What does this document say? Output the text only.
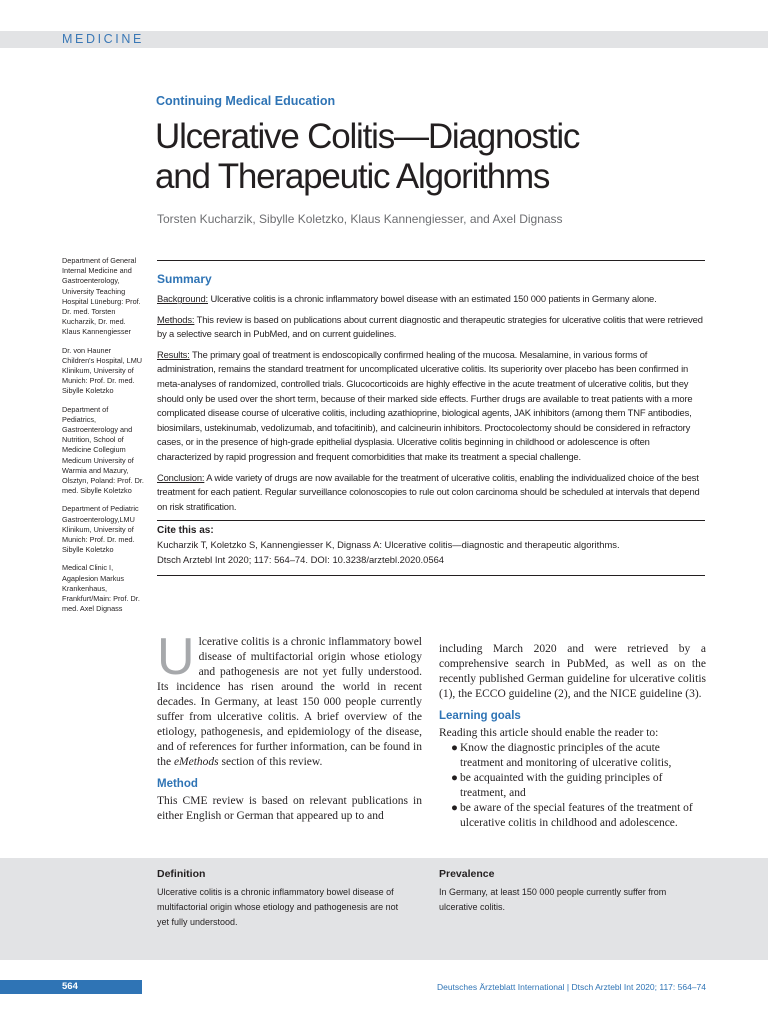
MEDICINE
Continuing Medical Education
Ulcerative Colitis—Diagnostic
and Therapeutic Algorithms
Torsten Kucharzik, Sibylle Koletzko, Klaus Kannengiesser, and Axel Dignass

Department of General Internal Medicine and Gastroenterology, University Teaching Hospital Lüneburg: Prof. Dr. med. Torsten Kucharzik, Dr. med. Klaus Kannengiesser

Dr. von Hauner Children's Hospital, LMU Klinikum, University of Munich: Prof. Dr. med. Sibylle Koletzko

Department of Pediatrics, Gastroenterology and Nutrition, School of Medicine Collegium Medicum University of Warmia and Mazury, Olsztyn, Poland: Prof. Dr. med. Sibylle Koletzko

Department of Pediatric Gastroenterology,LMU Klinikum, University of Munich: Prof. Dr. med. Sibylle Koletzko

Medical Clinic I, Agaplesion Markus Krankenhaus, Frankfurt/Main: Prof. Dr. med. Axel Dignass

Summary

Background: Ulcerative colitis is a chronic inflammatory bowel disease with an estimated 150 000 patients in Germany alone.

Methods: This review is based on publications about current diagnostic and therapeutic strategies for ulcerative colitis that were retrieved by a selective search in PubMed, and on current guidelines.

Results: The primary goal of treatment is endoscopically confirmed healing of the mucosa. Mesalamine, in various forms of administration, remains the standard treatment for uncomplicated ulcerative colitis. Its superiority over placebo has been confirmed in meta-analyses of randomized, controlled trials. Glucocorticoids are highly effective in the acute treatment of ulcerative colitis, but they should only be used over the short term, because of their marked side effects. Further drugs are available to treat patients with a more complicated disease course of ulcerative colitis, including azathioprine, biological agents, JAK inhibitors (among them TNF antibodies, biosimilars, ustekinumab, vedolizumab, and tofacitinib), and calcineurin inhibitors. Proctocolectomy should be considered in refractory cases, or in the presence of high-grade epithelial dysplasia. Ulcerative colitis beginning in childhood or adolescence is often characterized by rapid progression and frequent comorbidities that make its treatment a special challenge.

Conclusion: A wide variety of drugs are now available for the treatment of ulcerative colitis, enabling the individualized choice of the best treatment for each patient. Regular surveillance colonoscopies to rule out colon carcinoma should be scheduled at intervals that depend on risk stratification.

Cite this as:
Kucharzik T, Koletzko S, Kannengiesser K, Dignass A: Ulcerative colitis—diagnostic and therapeutic algorithms.
Dtsch Arztebl Int 2020; 117: 564–74. DOI: 10.3238/arztebl.2020.0564
Ulcerative colitis is a chronic inflammatory bowel disease of multifactorial origin whose etiology and pathogenesis are not yet fully understood. Its incidence has risen around the world in recent decades. In Germany, at least 150 000 people currently suffer from ulcerative colitis. A brief overview of the etiology, pathogenesis, and epidemiology of the disease, and of references for further information, can be found in the eMethods section of this review.
Method
This CME review is based on relevant publications in either English or German that appeared up to and
including March 2020 and were retrieved by a comprehensive search in PubMed, as well as on the recently published German guideline for ulcerative colitis (1), the ECCO guideline (2), and the NICE guideline (3).
Learning goals
Reading this article should enable the reader to:
● Know the diagnostic principles of the acute treatment and monitoring of ulcerative colitis,
● be acquainted with the guiding principles of treatment, and
● be aware of the special features of the treatment of ulcerative colitis in childhood and adolescence.
Definition
Ulcerative colitis is a chronic inflammatory bowel disease of multifactorial origin whose etiology and pathogenesis are not yet fully understood.
Prevalence
In Germany, at least 150 000 people currently suffer from ulcerative colitis.
564	Deutsches Ärzteblatt International | Dtsch Arztebl Int 2020; 117: 564–74
